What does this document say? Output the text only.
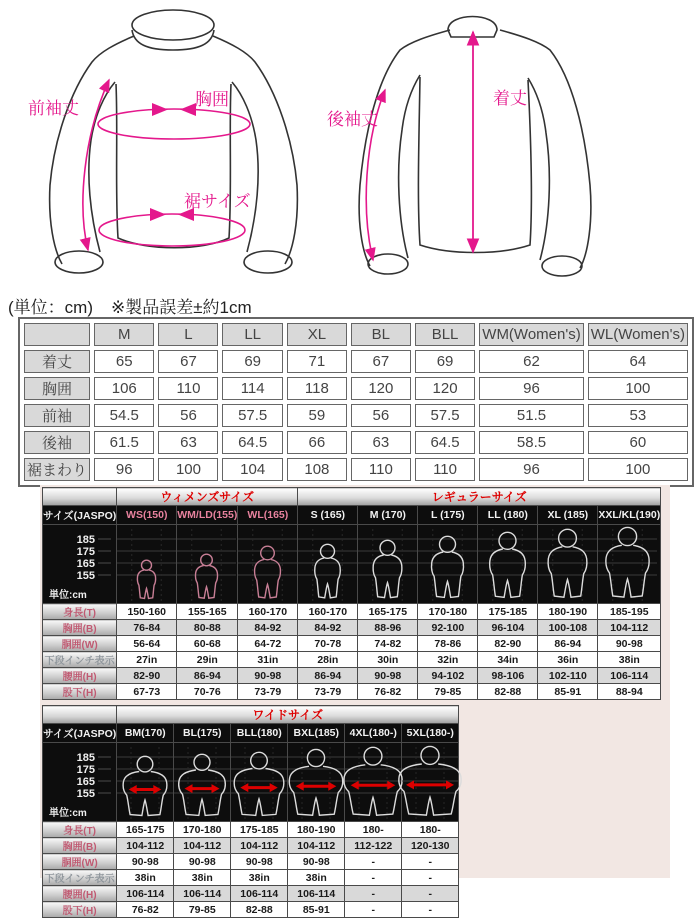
前袖丈	胸囲
裾サイズ
後袖丈
着丈
(単位：cm) ※製品誤差±約1cm
	M	L	LL	XL	BL	BLL	WM(Women's)	WL(Women's)
着丈	65	67	69	71	67	69	62	64
胸囲	106	110	114	118	120	120	96	100
前袖	54.5	56	57.5	59	56	57.5	51.5	53
後袖	61.5	63	64.5	66	63	64.5	58.5	60
裾まわり	96	100	104	108	110	110	96	100
	ウィメンズサイズ			レギュラーサイズ					
サイズ(JASPO)	WS(150)	WM/LD(155)	WL(165)	S (165)	M (170)	L (175)	LL (180)	XL (185)	XXL/KL(190)

185
175
165
155
単位:cm

身長(T)	150-160	155-165	160-170	160-170	165-175	170-180	175-185	180-190	185-195
胸囲(B)	76-84	80-88	84-92	84-92	88-96	92-100	96-104	100-108	104-112
胴囲(W)	56-64	60-68	64-72	70-78	74-82	78-86	82-90	86-94	90-98
下段インチ表示	27in	29in	31in	28in	30in	32in	34in	36in	38in
腰囲(H)	82-90	86-94	90-98	86-94	90-98	94-102	98-106	102-110	106-114
股下(H)	67-73	70-76	73-79	73-79	76-82	79-85	82-88	85-91	88-94
	ワイドサイズ					
サイズ(JASPO)	BM(170)	BL(175)	BLL(180)	BXL(185)	4XL(180-)	5XL(180-)

185
175
165
155
単位:cm

身長(T)	165-175	170-180	175-185	180-190	180-	180-
胸囲(B)	104-112	104-112	104-112	104-112	112-122	120-130
胴囲(W)	90-98	90-98	90-98	90-98	-	-
下段インチ表示	38in	38in	38in	38in	-	-
腰囲(H)	106-114	106-114	106-114	106-114	-	-
股下(H)	76-82	79-85	82-88	85-91	-	-
